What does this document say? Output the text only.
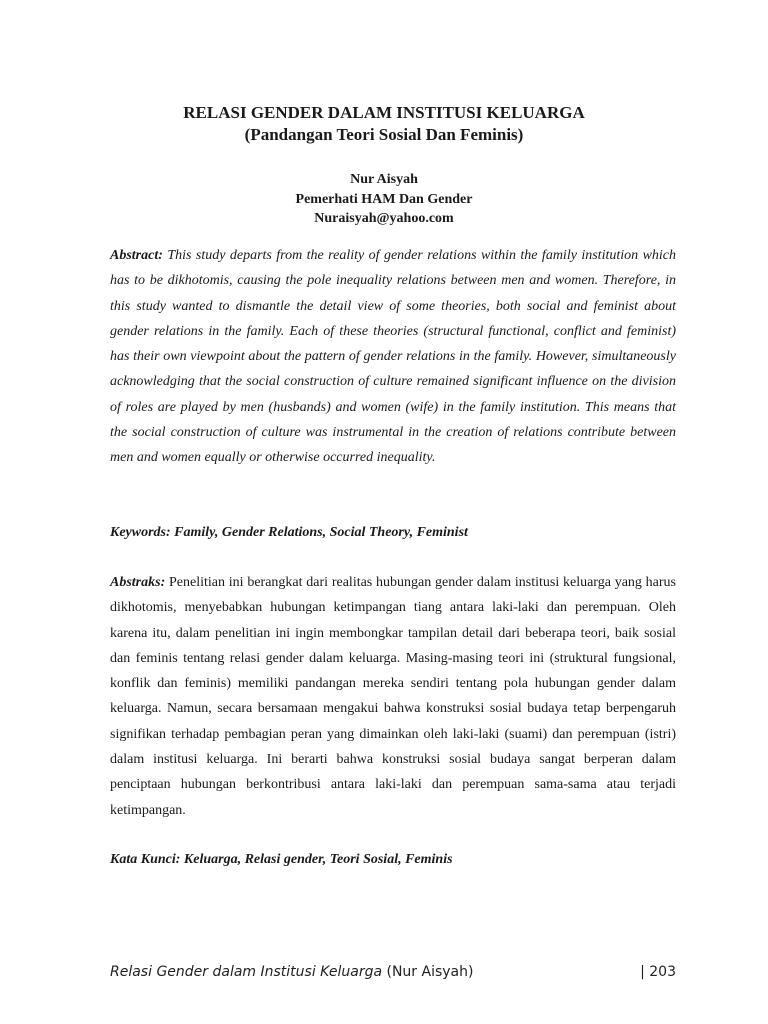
RELASI GENDER DALAM INSTITUSI KELUARGA
(Pandangan Teori Sosial Dan Feminis)
Nur Aisyah
Pemerhati HAM Dan Gender
Nuraisyah@yahoo.com

Abstract: This study departs from the reality of gender relations within the family institution which has to be dikhotomis, causing the pole inequality relations between men and women. Therefore, in this study wanted to dismantle the detail view of some theories, both social and feminist about gender relations in the family. Each of these theories (structural functional, conflict and feminist) has their own viewpoint about the pattern of gender relations in the family. However, simultaneously acknowledging that the social construction of culture remained significant influence on the division of roles are played by men (husbands) and women (wife) in the family institution. This means that the social construction of culture was instrumental in the creation of relations contribute between men and women equally or otherwise occurred inequality.

Keywords: Family, Gender Relations, Social Theory, Feminist

Abstraks: Penelitian ini berangkat dari realitas hubungan gender dalam institusi keluarga yang harus dikhotomis, menyebabkan hubungan ketimpangan tiang antara laki-laki dan perempuan. Oleh karena itu, dalam penelitian ini ingin membongkar tampilan detail dari beberapa teori, baik sosial dan feminis tentang relasi gender dalam keluarga. Masing-masing teori ini (struktural fungsional, konflik dan feminis) memiliki pandangan mereka sendiri tentang pola hubungan gender dalam keluarga. Namun, secara bersamaan mengakui bahwa konstruksi sosial budaya tetap berpengaruh signifikan terhadap pembagian peran yang dimainkan oleh laki-laki (suami) dan perempuan (istri) dalam institusi keluarga. Ini berarti bahwa konstruksi sosial budaya sangat berperan dalam penciptaan hubungan berkontribusi antara laki-laki dan perempuan sama-sama atau terjadi ketimpangan.

Kata Kunci: Keluarga, Relasi gender, Teori Sosial, Feminis
Relasi Gender dalam Institusi Keluarga (Nur Aisyah)	| 203
